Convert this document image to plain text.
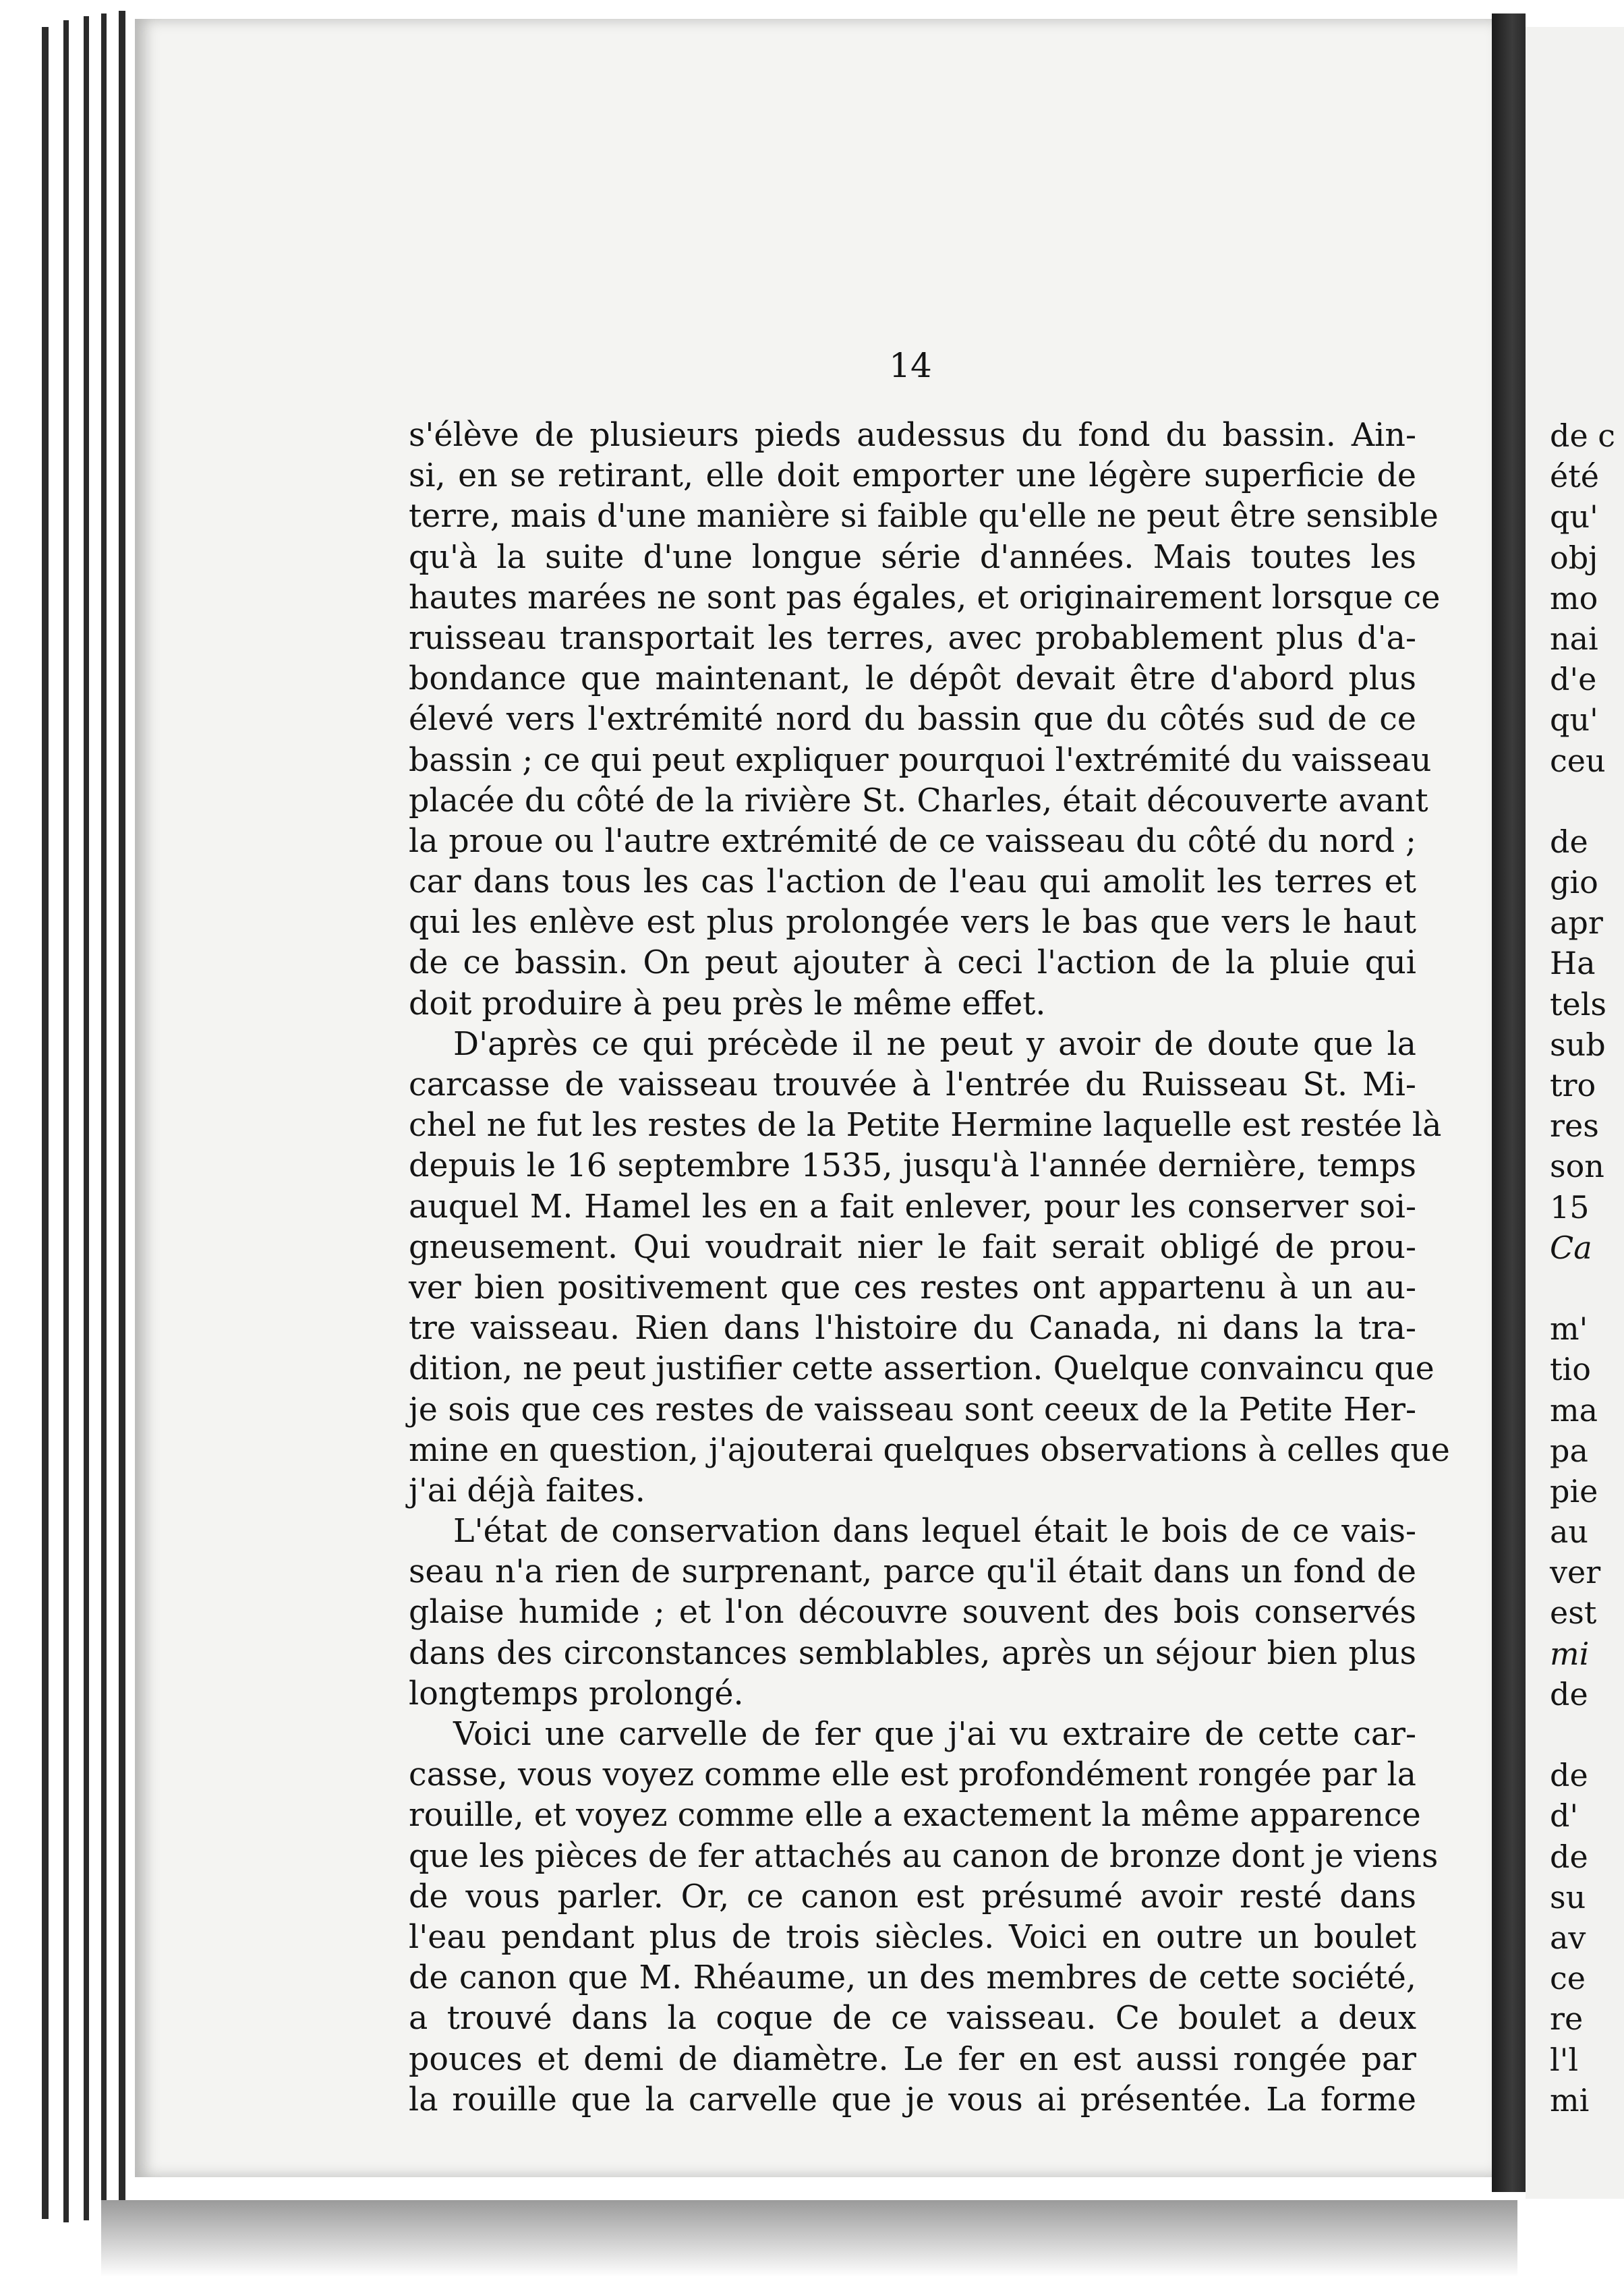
14
s'élève de plusieurs pieds audessus du fond du bassin. Ain-
si, en se retirant, elle doit emporter une légère superficie de
terre, mais d'une manière si faible qu'elle ne peut être sensible
qu'à la suite d'une longue série d'années. Mais toutes les
hautes marées ne sont pas égales, et originairement lorsque ce
ruisseau transportait les terres, avec probablement plus d'a-
bondance que maintenant, le dépôt devait être d'abord plus
élevé vers l'extrémité nord du bassin que du côtés sud de ce
bassin ; ce qui peut expliquer pourquoi l'extrémité du vaisseau
placée du côté de la rivière St. Charles, était découverte avant
la proue ou l'autre extrémité de ce vaisseau du côté du nord ;
car dans tous les cas l'action de l'eau qui amolit les terres et
qui les enlève est plus prolongée vers le bas que vers le haut
de ce bassin. On peut ajouter à ceci l'action de la pluie qui
doit produire à peu près le même effet.
D'après ce qui précède il ne peut y avoir de doute que la
carcasse de vaisseau trouvée à l'entrée du Ruisseau St. Mi-
chel ne fut les restes de la Petite Hermine laquelle est restée là
depuis le 16 septembre 1535, jusqu'à l'année dernière, temps
auquel M. Hamel les en a fait enlever, pour les conserver soi-
gneusement. Qui voudrait nier le fait serait obligé de prou-
ver bien positivement que ces restes ont appartenu à un au-
tre vaisseau. Rien dans l'histoire du Canada, ni dans la tra-
dition, ne peut justifier cette assertion. Quelque convaincu que
je sois que ces restes de vaisseau sont ceeux de la Petite Her-
mine en question, j'ajouterai quelques observations à celles que
j'ai déjà faites.
L'état de conservation dans lequel était le bois de ce vais-
seau n'a rien de surprenant, parce qu'il était dans un fond de
glaise humide ; et l'on découvre souvent des bois conservés
dans des circonstances semblables, après un séjour bien plus
longtemps prolongé.
Voici une carvelle de fer que j'ai vu extraire de cette car-
casse, vous voyez comme elle est profondément rongée par la
rouille, et voyez comme elle a exactement la même apparence
que les pièces de fer attachés au canon de bronze dont je viens
de vous parler. Or, ce canon est présumé avoir resté dans
l'eau pendant plus de trois siècles. Voici en outre un boulet
de canon que M. Rhéaume, un des membres de cette société,
a trouvé dans la coque de ce vaisseau. Ce boulet a deux
pouces et demi de diamètre. Le fer en est aussi rongée par
la rouille que la carvelle que je vous ai présentée. La forme
de c
été
qu'
obj
mo
nai
d'e
qu'
ceu
de
gio
apr
Ha
tels
sub
tro
res
son
15
Ca
m'
tio
ma
pa
pie
au
ver
est
mi
de
de
d'
de
su
av
ce
re
l'l
mi
